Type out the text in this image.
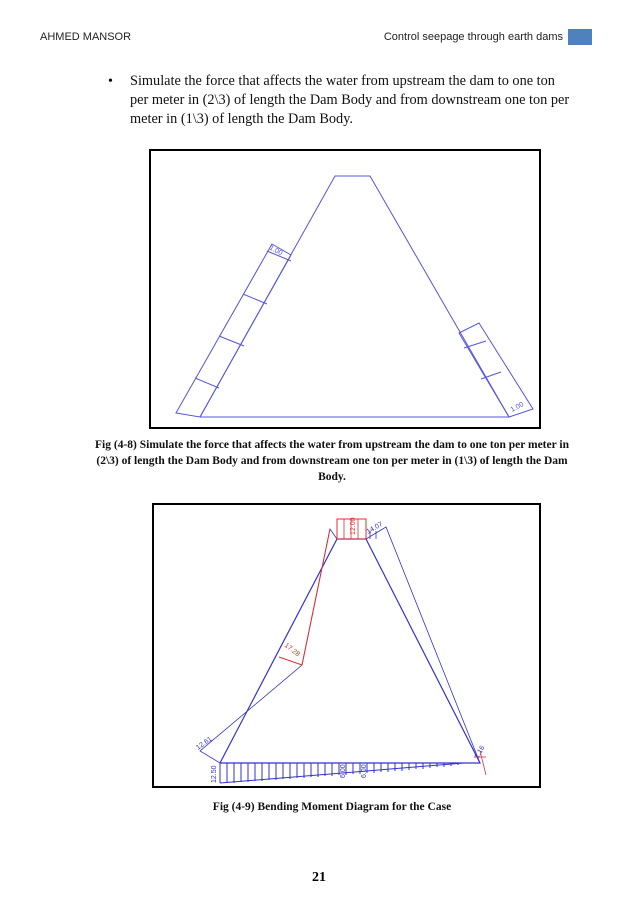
AHMED MANSOR	Control seepage through earth dams
• Simulate the force that affects the water from upstream the dam to one ton per meter in (2\3) of length the Dam Body and from downstream one ton per meter in (1\3) of length the Dam Body.
1.00
1.00
Fig (4-8) Simulate the force that affects the water from upstream the dam to one ton per meter in (2\3) of length the Dam Body and from downstream one ton per meter in (1\3) of length the Dam Body.
12.00 14.07
17.28
12.61
12.50	6.00 6.00
1.16
Fig (4-9) Bending Moment Diagram for the Case
21
